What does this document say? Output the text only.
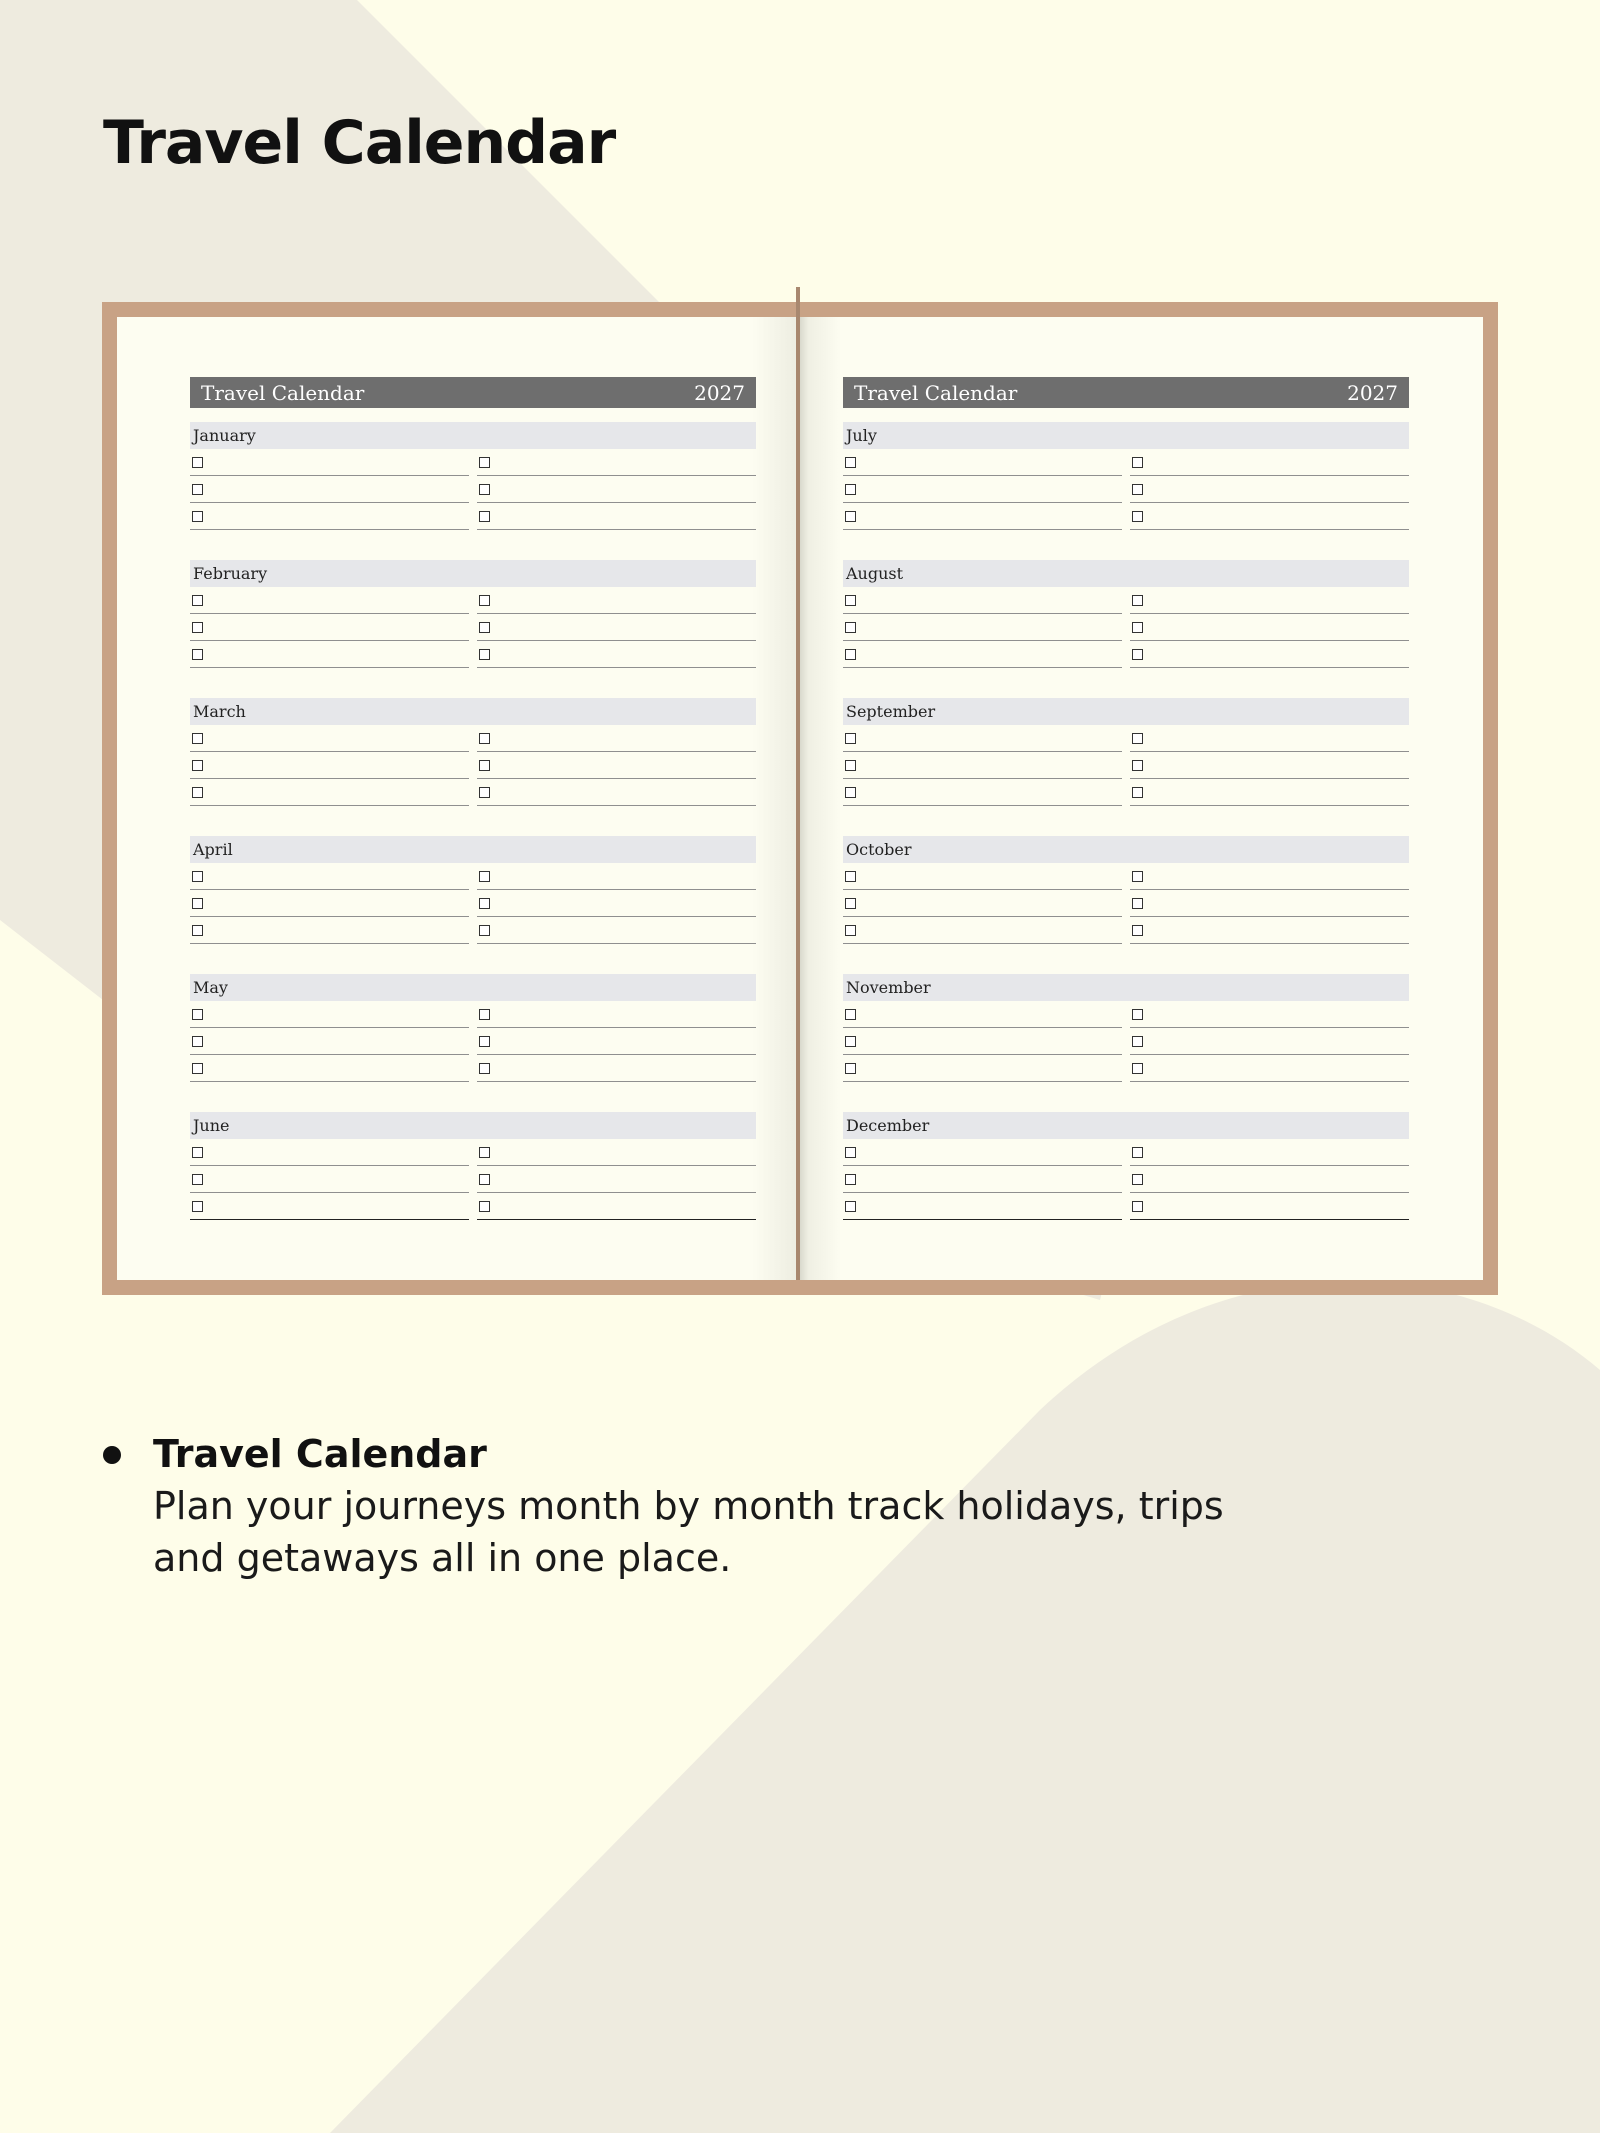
Travel Calendar
Travel Calendar	2027
January
February
March
April
May
June
Travel Calendar	2027
July
August
September
October
November
December
Travel Calendar
Plan your journeys month by month track holidays, trips and getaways all in one place.
